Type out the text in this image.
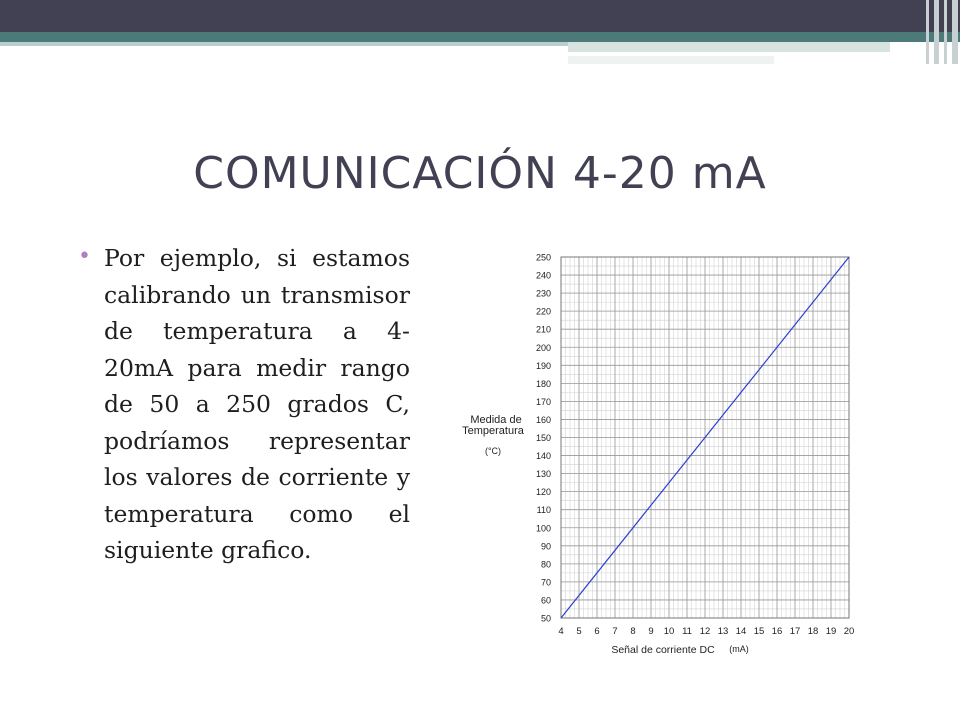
COMUNICACIÓN 4-20 mA
• Por ejemplo, si estamos calibrando un transmisor de temperatura a 4-20mA para medir rango de 50 a 250 grados C, podríamos representar los valores de corriente y temperatura como el siguiente grafico.
50
60
70
80
90
100
110
120
130
140
150
160
170
180
190
200
210
220
230
240
250
4 5 6 7 8 9 10 11 12 13 14 15 16 17 18 19 20
Medida de
Temperatura
(°C)
Señal de corriente DC (mA)
